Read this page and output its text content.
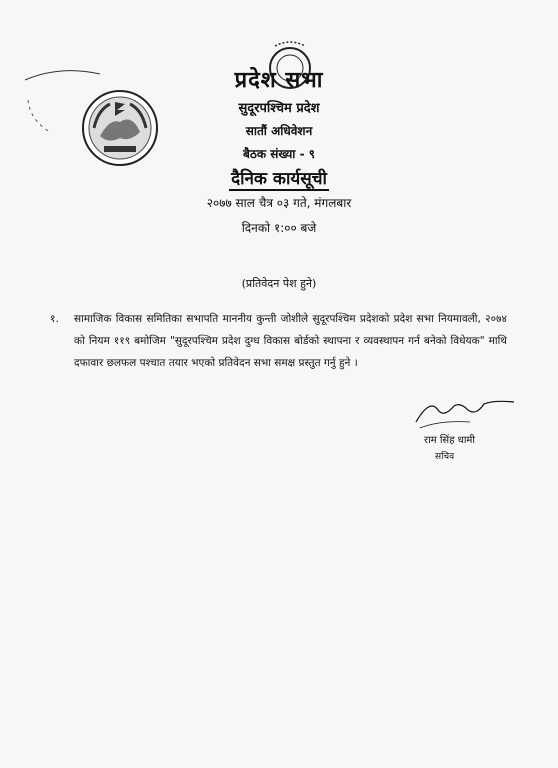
प्रदेश सभा
सुदूरपश्चिम प्रदेश
सातौं अधिवेशन
बैठक संख्या - ९
दैनिक कार्यसूची
२०७७ साल चैत्र ०३ गते, मंगलबार
दिनको १:०० बजे
(प्रतिवेदन पेश हुने)
१.	सामाजिक विकास समितिका सभापति माननीय कुन्ती जोशीले सुदूरपश्चिम प्रदेशको प्रदेश सभा नियमावली, २०७४ को नियम ११९ बमोजिम "सुदूरपश्चिम प्रदेश दुग्ध विकास बोर्डको स्थापना र व्यवस्थापन गर्न बनेको विधेयक" माथि दफावार छलफल पश्चात तयार भएको प्रतिवेदन सभा समक्ष प्रस्तुत गर्नु हुने ।
राम सिंह धामी
सचिव
